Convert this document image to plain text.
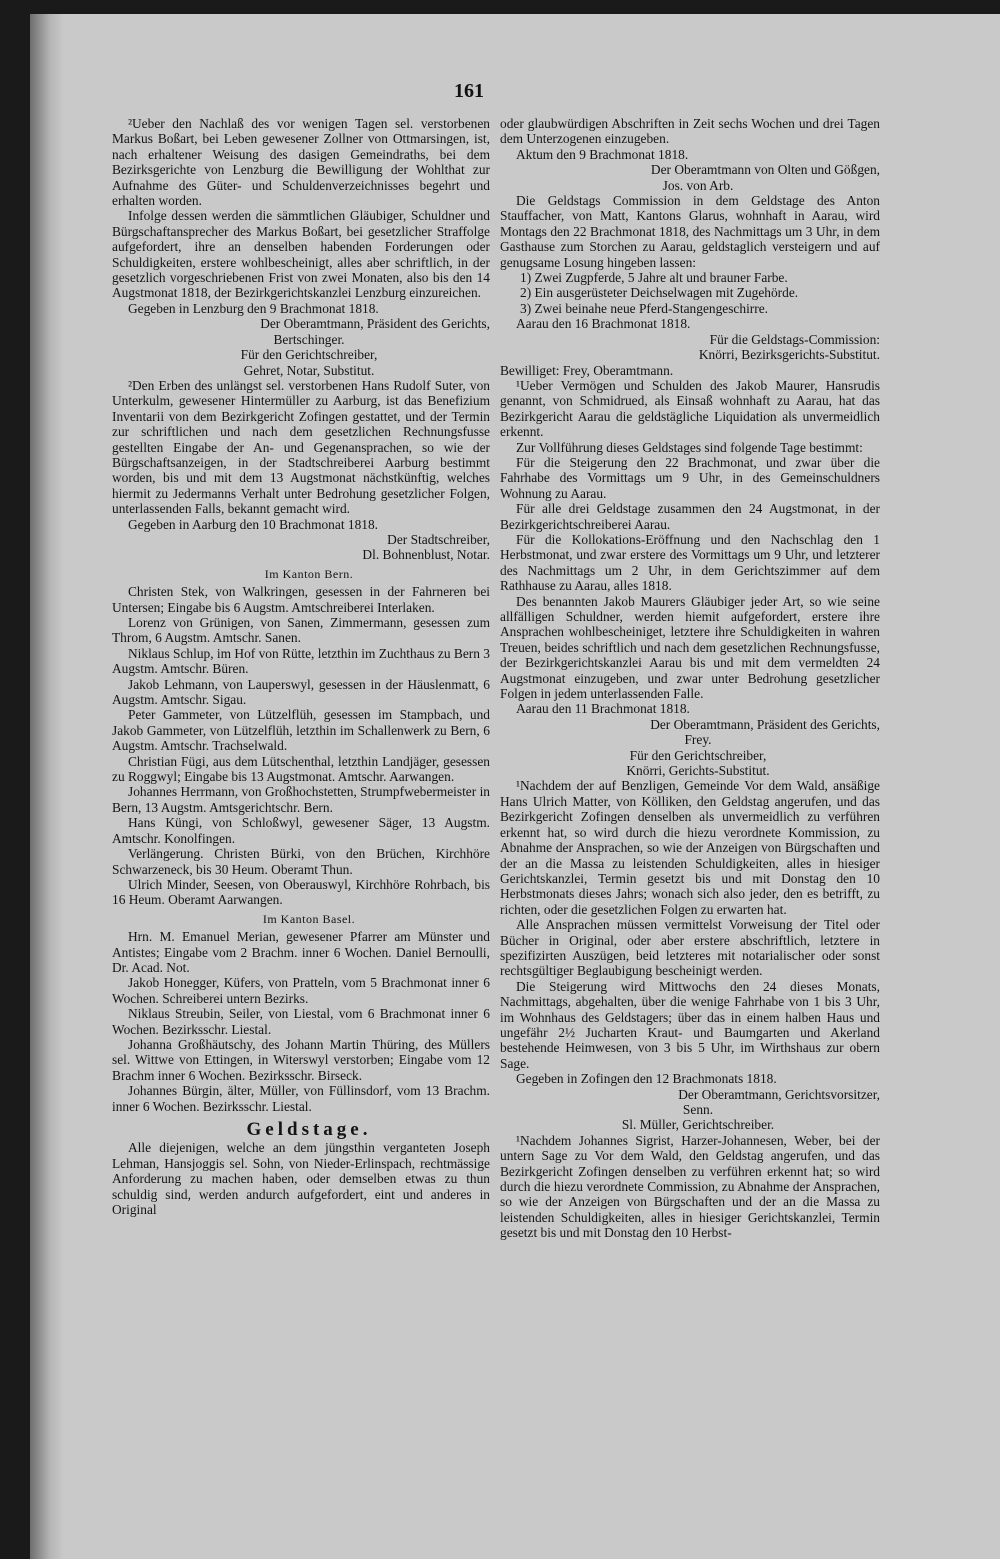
161

²Ueber den Nachlaß des vor wenigen Tagen sel. verstorbenen Markus Boßart, bei Leben gewesener Zollner von Ottmarsingen, ist, nach erhaltener Weisung des dasigen Gemeindraths, bei dem Bezirksgerichte von Lenzburg die Bewilligung der Wohlthat zur Aufnahme des Güter- und Schuldenverzeichnisses begehrt und erhalten worden.

Infolge dessen werden die sämmtlichen Gläubiger, Schuldner und Bürgschaftansprecher des Markus Boßart, bei gesetzlicher Straffolge aufgefordert, ihre an denselben habenden Forderungen oder Schuldigkeiten, erstere wohlbescheinigt, alles aber schriftlich, in der gesetzlich vorgeschriebenen Frist von zwei Monaten, also bis den 14 Augstmonat 1818, der Bezirkgerichtskanzlei Lenzburg einzureichen.

Gegeben in Lenzburg den 9 Brachmonat 1818.

Der Oberamtmann, Präsident des Gerichts,

Bertschinger.

Für den Gerichtschreiber,

Gehret, Notar, Substitut.

²Den Erben des unlängst sel. verstorbenen Hans Rudolf Suter, von Unterkulm, gewesener Hintermüller zu Aarburg, ist das Benefizium Inventarii von dem Bezirkgericht Zofingen gestattet, und der Termin zur schriftlichen und nach dem gesetzlichen Rechnungsfusse gestellten Eingabe der An- und Gegenansprachen, so wie der Bürgschaftsanzeigen, in der Stadtschreiberei Aarburg bestimmt worden, bis und mit dem 13 Augstmonat nächstkünftig, welches hiermit zu Jedermanns Verhalt unter Bedrohung gesetzlicher Folgen, unterlassenden Falls, bekannt gemacht wird.

Gegeben in Aarburg den 10 Brachmonat 1818.

Der Stadtschreiber,

Dl. Bohnenblust, Notar.

Im Kanton Bern.

Christen Stek, von Walkringen, gesessen in der Fahrneren bei Untersen; Eingabe bis 6 Augstm. Amtschreiberei Interlaken.

Lorenz von Grünigen, von Sanen, Zimmermann, gesessen zum Throm, 6 Augstm. Amtschr. Sanen.

Niklaus Schlup, im Hof von Rütte, letzthin im Zuchthaus zu Bern 3 Augstm. Amtschr. Büren.

Jakob Lehmann, von Lauperswyl, gesessen in der Häuslenmatt, 6 Augstm. Amtschr. Sigau.

Peter Gammeter, von Lützelflüh, gesessen im Stampbach, und Jakob Gammeter, von Lützelflüh, letzthin im Schallenwerk zu Bern, 6 Augstm. Amtschr. Trachselwald.

Christian Fügi, aus dem Lütschenthal, letzthin Landjäger, gesessen zu Roggwyl; Eingabe bis 13 Augstmonat. Amtschr. Aarwangen.

Johannes Herrmann, von Großhochstetten, Strumpfwebermeister in Bern, 13 Augstm. Amtsgerichtschr. Bern.

Hans Küngi, von Schloßwyl, gewesener Säger, 13 Augstm. Amtschr. Konolfingen.

Verlängerung. Christen Bürki, von den Brüchen, Kirchhöre Schwarzeneck, bis 30 Heum. Oberamt Thun.

Ulrich Minder, Seesen, von Oberauswyl, Kirchhöre Rohrbach, bis 16 Heum. Oberamt Aarwangen.

Im Kanton Basel.

Hrn. M. Emanuel Merian, gewesener Pfarrer am Münster und Antistes; Eingabe vom 2 Brachm. inner 6 Wochen. Daniel Bernoulli, Dr. Acad. Not.

Jakob Honegger, Küfers, von Pratteln, vom 5 Brachmonat inner 6 Wochen. Schreiberei untern Bezirks.

Niklaus Streubin, Seiler, von Liestal, vom 6 Brachmonat inner 6 Wochen. Bezirksschr. Liestal.

Johanna Großhäutschy, des Johann Martin Thüring, des Müllers sel. Wittwe von Ettingen, in Witerswyl verstorben; Eingabe vom 12 Brachm inner 6 Wochen. Bezirksschr. Birseck.

Johannes Bürgin, älter, Müller, von Füllinsdorf, vom 13 Brachm. inner 6 Wochen. Bezirksschr. Liestal.

Geldstage.

Alle diejenigen, welche an dem jüngsthin verganteten Joseph Lehman, Hansjoggis sel. Sohn, von Nieder-Erlinspach, rechtmässige Anforderung zu machen haben, oder demselben etwas zu thun schuldig sind, werden andurch aufgefordert, eint und anderes in Original

oder glaubwürdigen Abschriften in Zeit sechs Wochen und drei Tagen dem Unterzogenen einzugeben.

Aktum den 9 Brachmonat 1818.

Der Oberamtmann von Olten und Gößgen,

Jos. von Arb.

Die Geldstags Commission in dem Geldstage des Anton Stauffacher, von Matt, Kantons Glarus, wohnhaft in Aarau, wird Montags den 22 Brachmonat 1818, des Nachmittags um 3 Uhr, in dem Gasthause zum Storchen zu Aarau, geldstaglich versteigern und auf genugsame Losung hingeben lassen:

1) Zwei Zugpferde, 5 Jahre alt und brauner Farbe.

2) Ein ausgerüsteter Deichselwagen mit Zugehörde.

3) Zwei beinahe neue Pferd-Stangengeschirre.

Aarau den 16 Brachmonat 1818.

Für die Geldstags-Commission:

Knörri, Bezirksgerichts-Substitut.

Bewilliget: Frey, Oberamtmann.

¹Ueber Vermögen und Schulden des Jakob Maurer, Hansrudis genannt, von Schmidrued, als Einsaß wohnhaft zu Aarau, hat das Bezirkgericht Aarau die geldstägliche Liquidation als unvermeidlich erkennt.

Zur Vollführung dieses Geldstages sind folgende Tage bestimmt:

Für die Steigerung den 22 Brachmonat, und zwar über die Fahrhabe des Vormittags um 9 Uhr, in des Gemeinschuldners Wohnung zu Aarau.

Für alle drei Geldstage zusammen den 24 Augstmonat, in der Bezirkgerichtschreiberei Aarau.

Für die Kollokations-Eröffnung und den Nachschlag den 1 Herbstmonat, und zwar erstere des Vormittags um 9 Uhr, und letzterer des Nachmittags um 2 Uhr, in dem Gerichtszimmer auf dem Rathhause zu Aarau, alles 1818.

Des benannten Jakob Maurers Gläubiger jeder Art, so wie seine allfälligen Schuldner, werden hiemit aufgefordert, erstere ihre Ansprachen wohlbescheiniget, letztere ihre Schuldigkeiten in wahren Treuen, beides schriftlich und nach dem gesetzlichen Rechnungsfusse, der Bezirkgerichtskanzlei Aarau bis und mit dem vermeldten 24 Augstmonat einzugeben, und zwar unter Bedrohung gesetzlicher Folgen in jedem unterlassenden Falle.

Aarau den 11 Brachmonat 1818.

Der Oberamtmann, Präsident des Gerichts,

Frey.

Für den Gerichtschreiber,

Knörri, Gerichts-Substitut.

¹Nachdem der auf Benzligen, Gemeinde Vor dem Wald, ansäßige Hans Ulrich Matter, von Kölliken, den Geldstag angerufen, und das Bezirkgericht Zofingen denselben als unvermeidlich zu verführen erkennt hat, so wird durch die hiezu verordnete Kommission, zu Abnahme der Ansprachen, so wie der Anzeigen von Bürgschaften und der an die Massa zu leistenden Schuldigkeiten, alles in hiesiger Gerichtskanzlei, Termin gesetzt bis und mit Donstag den 10 Herbstmonats dieses Jahrs; wonach sich also jeder, den es betrifft, zu richten, oder die gesetzlichen Folgen zu erwarten hat.

Alle Ansprachen müssen vermittelst Vorweisung der Titel oder Bücher in Original, oder aber erstere abschriftlich, letztere in spezifizirten Auszügen, beid letzteres mit notarialischer oder sonst rechtsgültiger Beglaubigung bescheinigt werden.

Die Steigerung wird Mittwochs den 24 dieses Monats, Nachmittags, abgehalten, über die wenige Fahrhabe von 1 bis 3 Uhr, im Wohnhaus des Geldstagers; über das in einem halben Haus und ungefähr 2½ Jucharten Kraut- und Baumgarten und Akerland bestehende Heimwesen, von 3 bis 5 Uhr, im Wirthshaus zur obern Sage.

Gegeben in Zofingen den 12 Brachmonats 1818.

Der Oberamtmann, Gerichtsvorsitzer,

Senn.

Sl. Müller, Gerichtschreiber.

¹Nachdem Johannes Sigrist, Harzer-Johannesen, Weber, bei der untern Sage zu Vor dem Wald, den Geldstag angerufen, und das Bezirkgericht Zofingen denselben zu verführen erkennt hat; so wird durch die hiezu verordnete Commission, zu Abnahme der Ansprachen, so wie der Anzeigen von Bürgschaften und der an die Massa zu leistenden Schuldigkeiten, alles in hiesiger Gerichtskanzlei, Termin gesetzt bis und mit Donstag den 10 Herbst-
